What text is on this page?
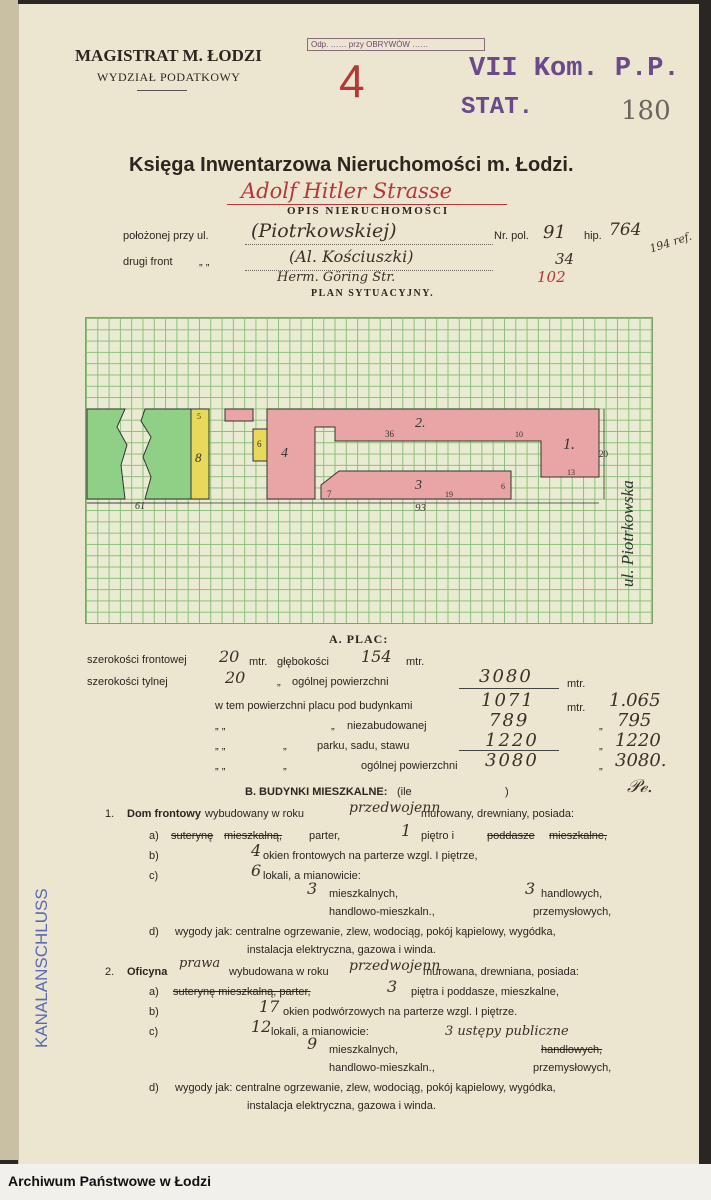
MAGISTRAT M. ŁODZI
WYDZIAŁ PODATKOWY
Odp. …… przy OBRYWÓW ……
4	VII Kom. P.P.
STAT.	180
Księga Inwentarzowa Nieruchomości m. Łodzi.
Adolf Hitler Strasse
OPIS NIERUCHOMOŚCI
położonej przy ul. (Piotrkowskiej)	Nr. pol. 91 hip. 764 194 ref.
drugi front „ „	(Al. Kościuszki)	34
Herm. Göring Str.	102
PLAN SYTUACYJNY.
61	93
20
36	10
19
6
13
1.
2.
3
4
5
6
7
8
ul. Piotrkowska
A. PLAC:
szerokości frontowej 20 mtr. głębokości 154 mtr.
szerokości tylnej	20	„ ogólnej powierzchni	3080	mtr.
w tem powierzchni placu pod budynkami	1071	mtr. 1.065
„ „	„ niezabudowanej	789	„ 795
„ „	„	parku, sadu, stawu	1220	„ 1220
„ „	„	ogólnej powierzchni 3080	„ 3080.
𝒫ℯ.
B. BUDYNKI MIESZKALNE: (ile	)
1. Dom frontowy wybudowany w roku	przedwojenn
murowany, drewniany, posiada:
a) suterynę mieszkalną, parter,	1 piętro i	poddasze mieszkalne,
b)	4 okien frontowych na parterze wzgl. I piętrze,
c)	6 lokali, a mianowicie:
3 mieszkalnych,	3 handlowych,
handlowo-mieszkaln.,	przemysłowych,
d) wygody jak: centralne ogrzewanie, zlew, wodociąg, pokój kąpielowy, wygódka,
instalacja elektryczna, gazowa i winda.
2. Oficyna
prawa
wybudowana w roku przedwojenn
murowana, drewniana, posiada:
a) suterynę mieszkalną, parter,	3 piętra i poddasze, mieszkalne,
b)	17 okien podwórzowych na parterze wzgl. I piętrze.
c)	12 lokali, a mianowicie:
9 mieszkalnych,
3 ustępy publiczne
handlowych,
handlowo-mieszkaln.,	przemysłowych,
d) wygody jak: centralne ogrzewanie, zlew, wodociąg, pokój kąpielowy, wygódka,
instalacja elektryczna, gazowa i winda.
KANALANSCHLUSS
Archiwum Państwowe w Łodzi
